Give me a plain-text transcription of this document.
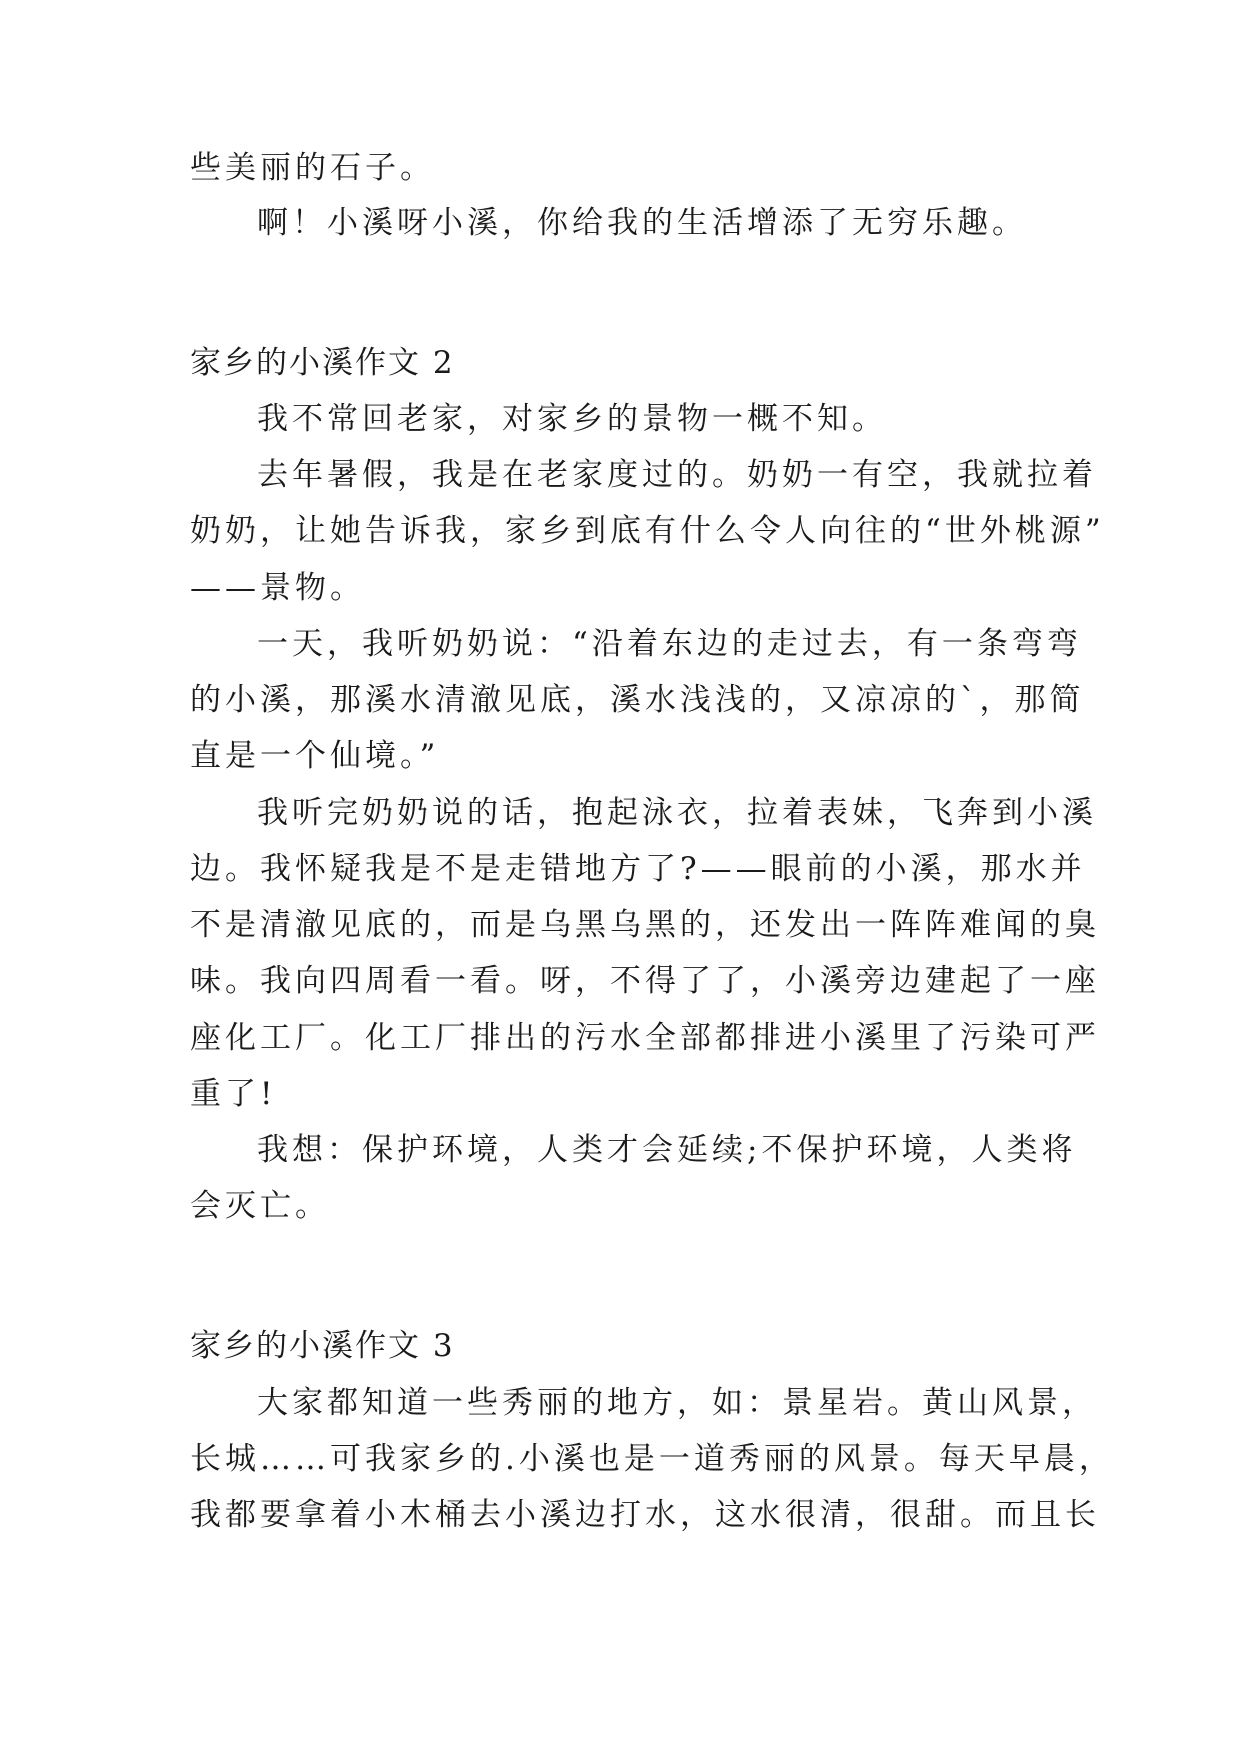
些美丽的石子。
啊！小溪呀小溪，你给我的生活增添了无穷乐趣。
家乡的小溪作文 2
我不常回老家，对家乡的景物一概不知。
去年暑假，我是在老家度过的。奶奶一有空，我就拉着
奶奶，让她告诉我，家乡到底有什么令人向往的“世外桃源”
——景物。
一天，我听奶奶说：“沿着东边的走过去，有一条弯弯
的小溪，那溪水清澈见底，溪水浅浅的，又凉凉的`，那简
直是一个仙境。”
我听完奶奶说的话，抱起泳衣，拉着表妹，飞奔到小溪
边。我怀疑我是不是走错地方了?——眼前的小溪，那水并
不是清澈见底的，而是乌黑乌黑的，还发出一阵阵难闻的臭
味。我向四周看一看。呀，不得了了，小溪旁边建起了一座
座化工厂。化工厂排出的污水全部都排进小溪里了污染可严
重了!
我想：保护环境，人类才会延续;不保护环境，人类将
会灭亡。
家乡的小溪作文 3
大家都知道一些秀丽的地方，如：景星岩。黄山风景，
长城……可我家乡的.小溪也是一道秀丽的风景。每天早晨，
我都要拿着小木桶去小溪边打水，这水很清，很甜。而且长
